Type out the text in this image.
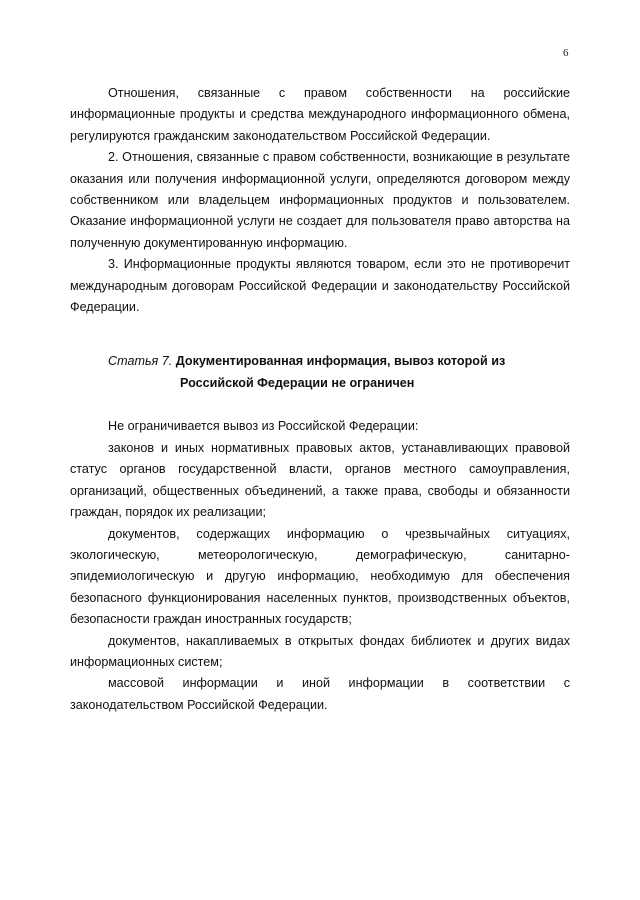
6

Отношения, связанные с правом собственности на российские информационные продукты и средства международного информационного обмена, регулируются гражданским законодательством Российской Федерации.

2. Отношения, связанные с правом собственности, возникающие в результате оказания или получения информационной услуги, определяются договором между собственником или владельцем информационных продуктов и пользователем. Оказание информационной услуги не создает для пользователя право авторства на полученную документированную информацию.

3. Информационные продукты являются товаром, если это не противоречит международным договорам Российской Федерации и законодательству Российской Федерации.

Статья 7. Документированная информация, вывоз которой из
Российской Федерации не ограничен

Не ограничивается вывоз из Российской Федерации:

законов и иных нормативных правовых актов, устанавливающих правовой статус органов государственной власти, органов местного самоуправления, организаций, общественных объединений, а также права, свободы и обязанности граждан, порядок их реализации;

документов, содержащих информацию о чрезвычайных ситуациях, экологическую, метеорологическую, демографическую, санитарно-эпидемиологическую и другую информацию, необходимую для обеспечения безопасного функционирования населенных пунктов, производственных объектов, безопасности граждан иностранных государств;

документов, накапливаемых в открытых фондах библиотек и других видах информационных систем;

массовой информации и иной информации в соответствии с законодательством Российской Федерации.
